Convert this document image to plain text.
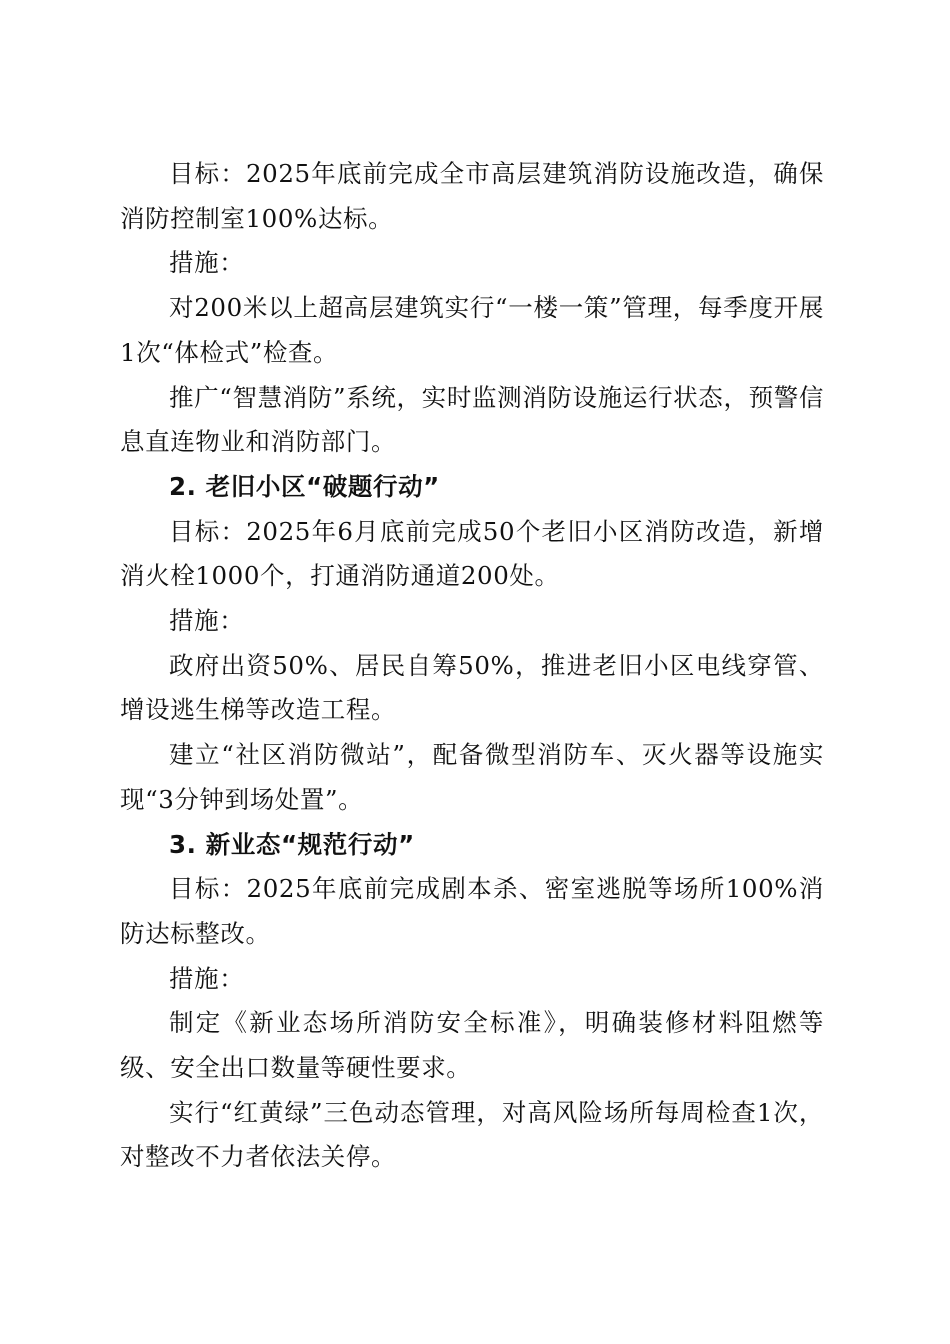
目标：2025年底前完成全市高层建筑消防设施改造，确保消防控制室100%达标。

措施：

对200米以上超高层建筑实行“一楼一策”管理，每季度开展1次“体检式”检查。

推广“智慧消防”系统，实时监测消防设施运行状态，预警信息直连物业和消防部门。

2. 老旧小区“破题行动”

目标：2025年6月底前完成50个老旧小区消防改造，新增消火栓1000个，打通消防通道200处。

措施：

政府出资50%、居民自筹50%，推进老旧小区电线穿管、增设逃生梯等改造工程。

建立“社区消防微站”，配备微型消防车、灭火器等设施实现“3分钟到场处置”。

3. 新业态“规范行动”

目标：2025年底前完成剧本杀、密室逃脱等场所100%消防达标整改。

措施：

制定《新业态场所消防安全标准》，明确装修材料阻燃等级、安全出口数量等硬性要求。

实行“红黄绿”三色动态管理，对高风险场所每周检查1次，对整改不力者依法关停。
